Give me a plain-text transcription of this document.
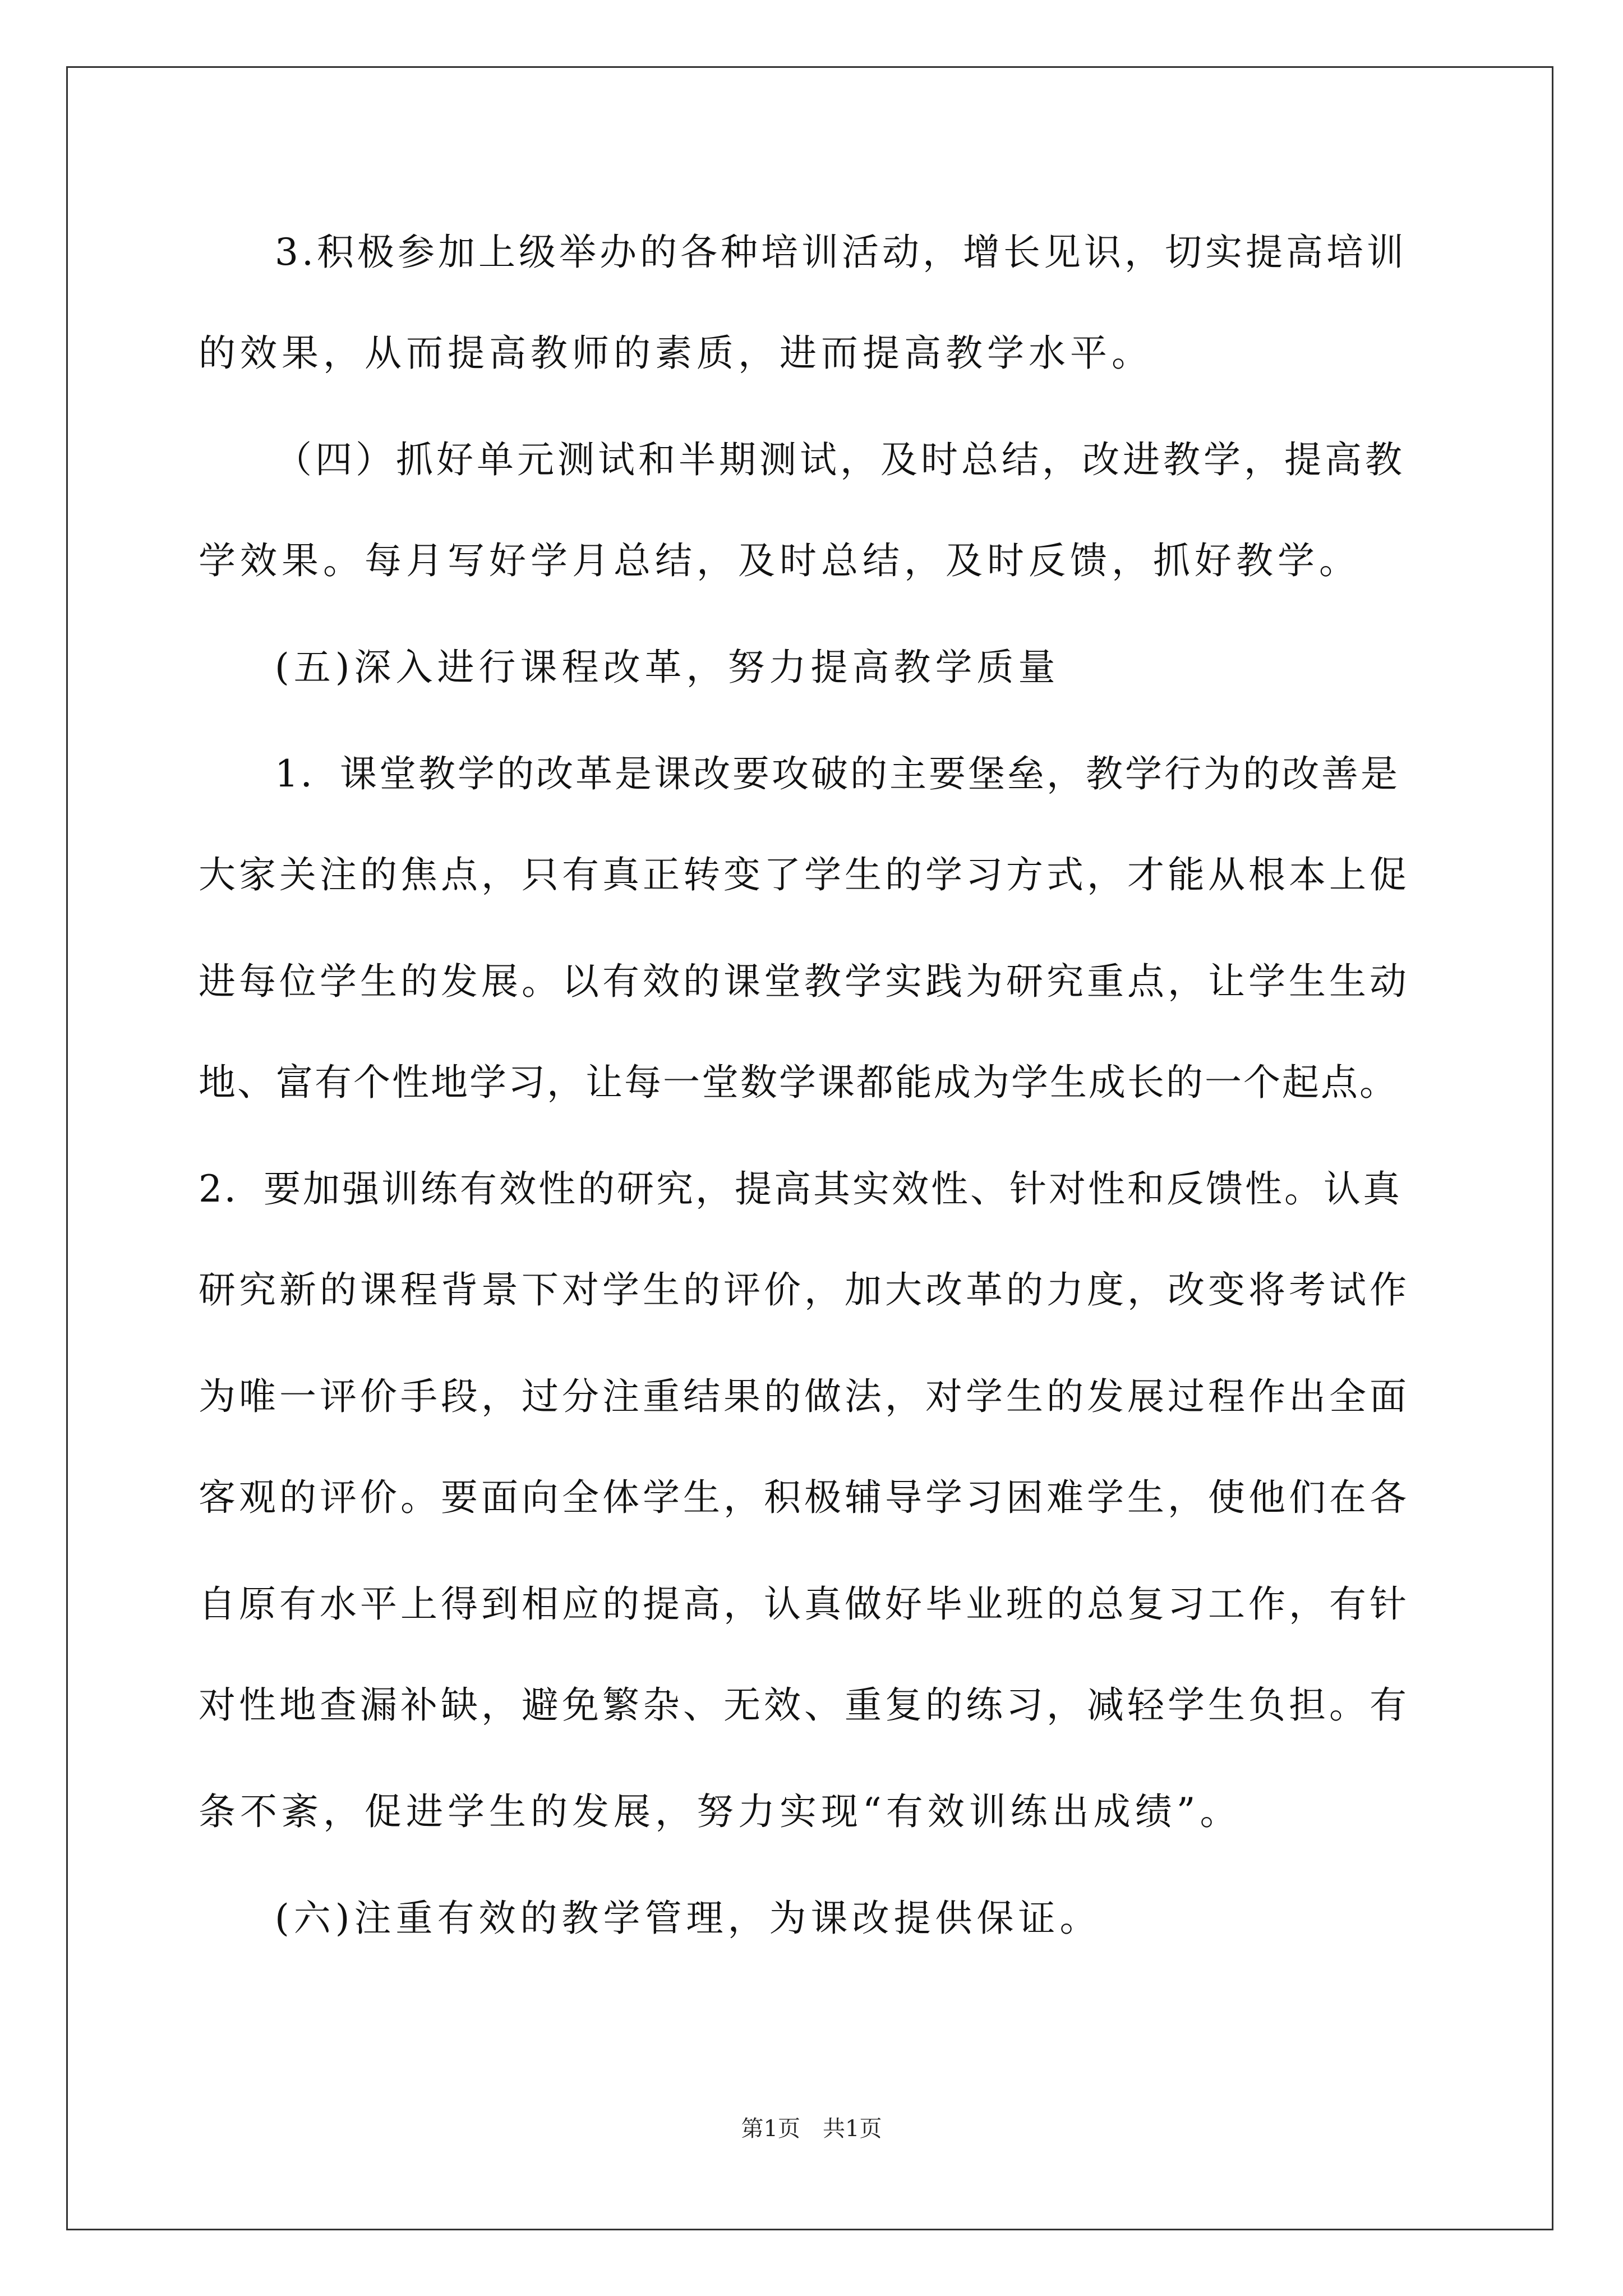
3.积极参加上级举办的各种培训活动，增长见识，切实提高培训
的效果，从而提高教师的素质，进而提高教学水平。
（四）抓好单元测试和半期测试，及时总结，改进教学，提高教
学效果。每月写好学月总结，及时总结，及时反馈，抓好教学。
(五)深入进行课程改革，努力提高教学质量
1．课堂教学的改革是课改要攻破的主要堡垒，教学行为的改善是
大家关注的焦点，只有真正转变了学生的学习方式，才能从根本上促
进每位学生的发展。以有效的课堂教学实践为研究重点，让学生生动
地、富有个性地学习，让每一堂数学课都能成为学生成长的一个起点。
2．要加强训练有效性的研究，提高其实效性、针对性和反馈性。认真
研究新的课程背景下对学生的评价，加大改革的力度，改变将考试作
为唯一评价手段，过分注重结果的做法，对学生的发展过程作出全面
客观的评价。要面向全体学生，积极辅导学习困难学生，使他们在各
自原有水平上得到相应的提高，认真做好毕业班的总复习工作，有针
对性地查漏补缺，避免繁杂、无效、重复的练习，减轻学生负担。有
条不紊，促进学生的发展，努力实现“有效训练出成绩”。
(六)注重有效的教学管理，为课改提供保证。
第1页　共1页
